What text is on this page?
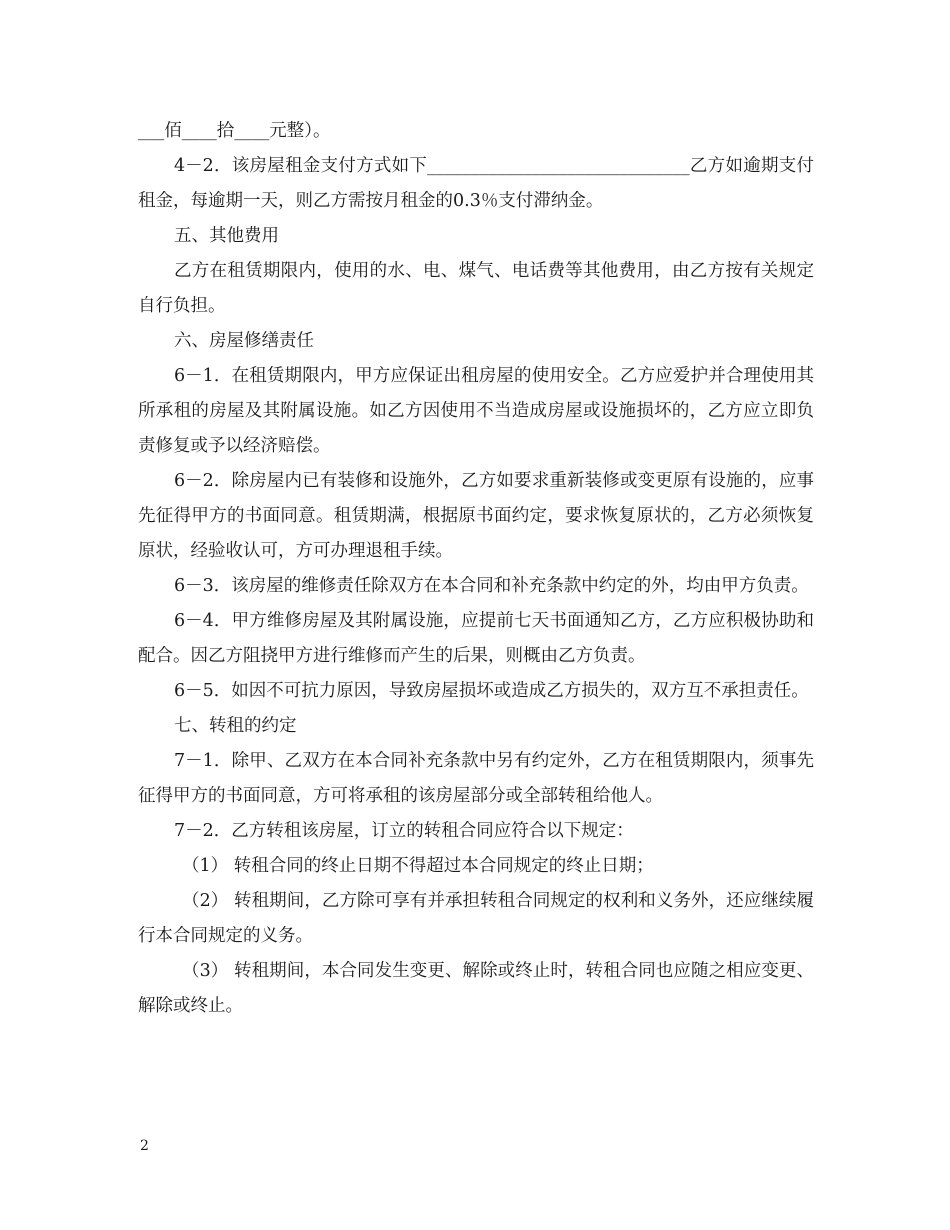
___佰____拾____元整）。

4－2．该房屋租金支付方式如下______________________________乙方如逾期支付租金，每逾期一天，则乙方需按月租金的0.3％支付滞纳金。

五、其他费用

乙方在租赁期限内，使用的水、电、煤气、电话费等其他费用，由乙方按有关规定自行负担。

六、房屋修缮责任

6－1．在租赁期限内，甲方应保证出租房屋的使用安全。乙方应爱护并合理使用其所承租的房屋及其附属设施。如乙方因使用不当造成房屋或设施损坏的，乙方应立即负责修复或予以经济赔偿。

6－2．除房屋内已有装修和设施外，乙方如要求重新装修或变更原有设施的，应事先征得甲方的书面同意。租赁期满，根据原书面约定，要求恢复原状的，乙方必须恢复原状，经验收认可，方可办理退租手续。

6－3．该房屋的维修责任除双方在本合同和补充条款中约定的外，均由甲方负责。

6－4．甲方维修房屋及其附属设施，应提前七天书面通知乙方，乙方应积极协助和配合。因乙方阻挠甲方进行维修而产生的后果，则概由乙方负责。

6－5．如因不可抗力原因，导致房屋损坏或造成乙方损失的，双方互不承担责任。

七、转租的约定

7－1．除甲、乙双方在本合同补充条款中另有约定外，乙方在租赁期限内，须事先征得甲方的书面同意，方可将承租的该房屋部分或全部转租给他人。

7－2．乙方转租该房屋，订立的转租合同应符合以下规定：

（1） 转租合同的终止日期不得超过本合同规定的终止日期；

（2） 转租期间，乙方除可享有并承担转租合同规定的权利和义务外，还应继续履行本合同规定的义务。

（3） 转租期间，本合同发生变更、解除或终止时，转租合同也应随之相应变更、解除或终止。

2
